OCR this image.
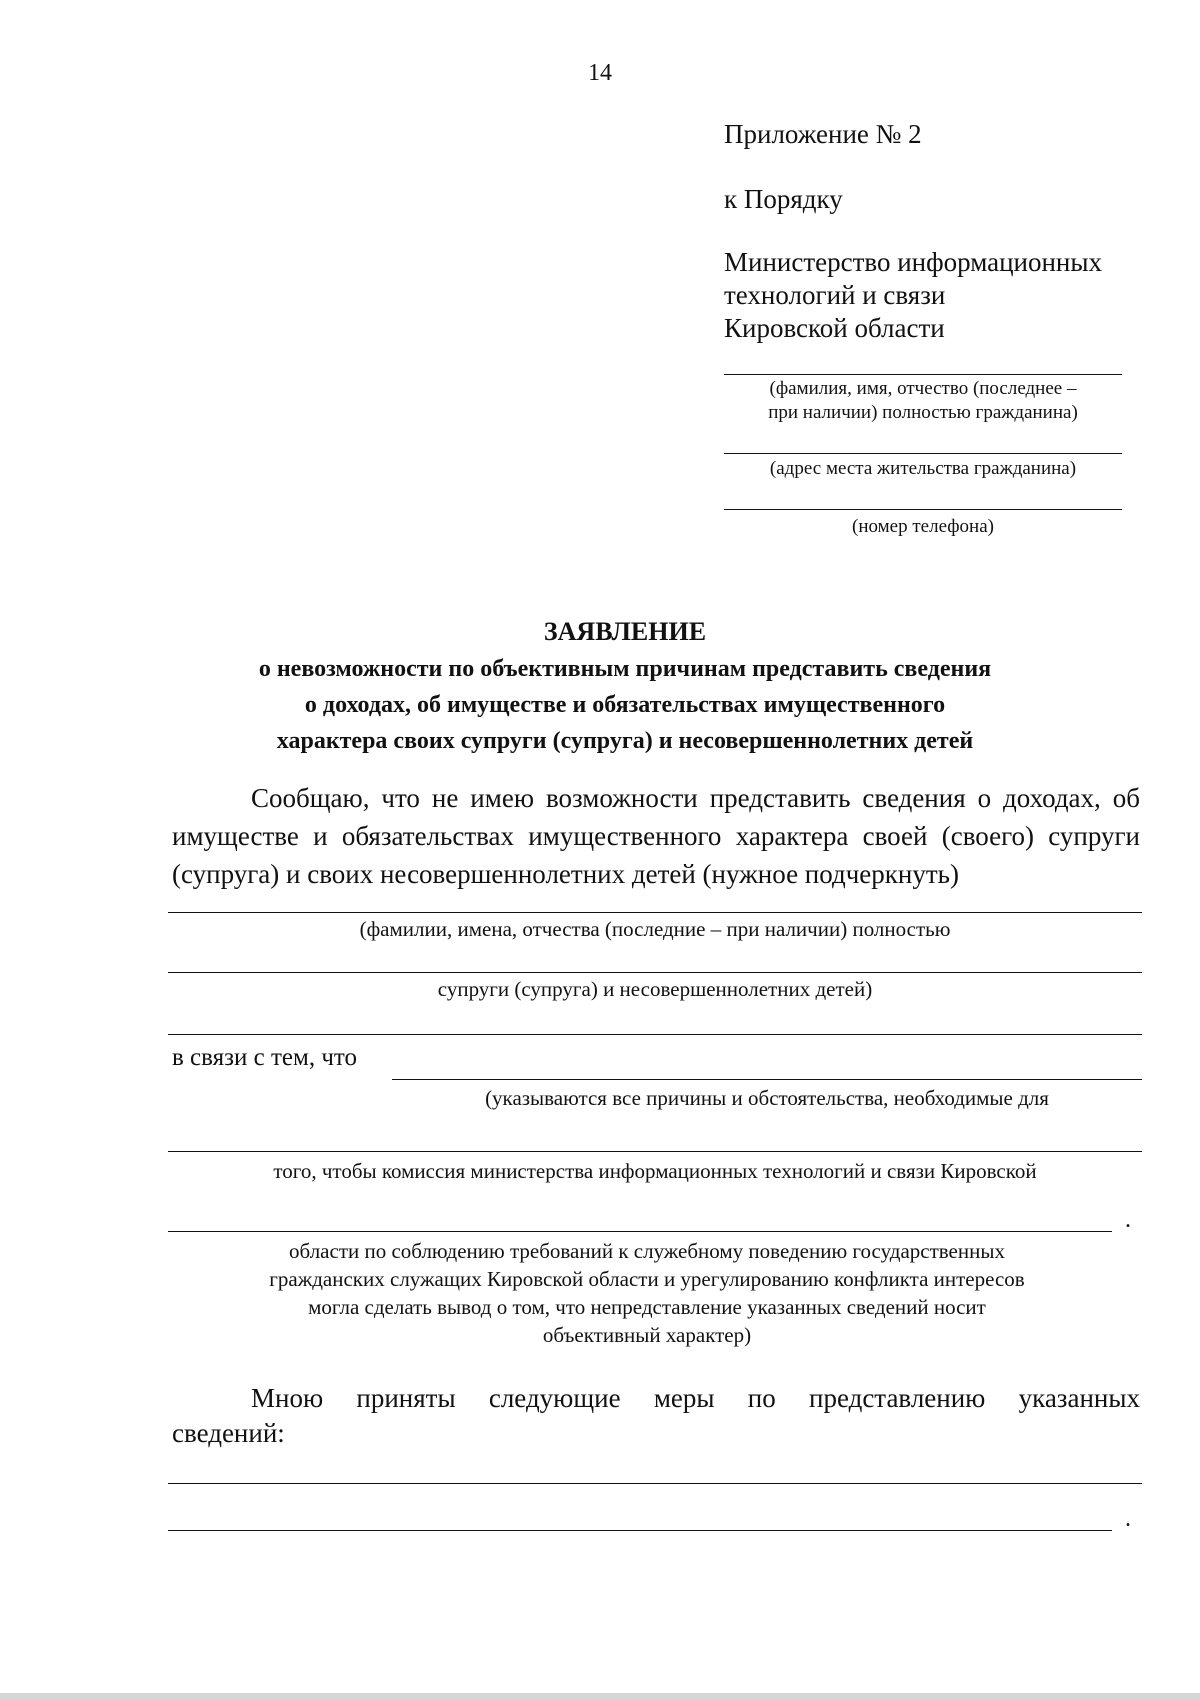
14
Приложение № 2
к Порядку
Министерство информационных
технологий и связи
Кировской области
(фамилия, имя, отчество (последнее –
при наличии) полностью гражданина)
(адрес места жительства гражданина)
(номер телефона)
ЗАЯВЛЕНИЕ
о невозможности по объективным причинам представить сведения
о доходах, об имуществе и обязательствах имущественного
характера своих супруги (супруга) и несовершеннолетних детей
Сообщаю, что не имею возможности представить сведения о доходах, об имуществе и обязательствах имущественного характера своей (своего) супруги (супруга) и своих несовершеннолетних детей (нужное подчеркнуть)
(фамилии, имена, отчества (последние – при наличии) полностью
супруги (супруга) и несовершеннолетних детей)
в связи с тем, что
(указываются все причины и обстоятельства, необходимые для
того, чтобы комиссия министерства информационных технологий и связи Кировской
.
области по соблюдению требований к служебному поведению государственных
гражданских служащих Кировской области и урегулированию конфликта интересов
могла сделать вывод о том, что непредставление указанных сведений носит
объективный характер)
Мною приняты следующие меры по представлению указанных
сведений:
.
